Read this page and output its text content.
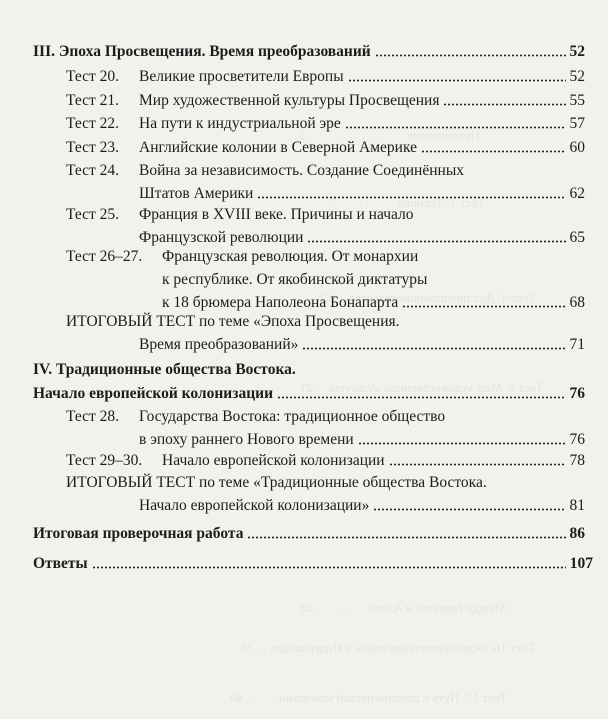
Предисловие . . . . . . . . . . . . . . . 3
Тест 1. Техника . . . . . . . . . 7
Тест 4. Дух предпринимательства . . 12
Тест 8. Мир художественной культуры . . 21
Между Европой и Азией . . . . . . . . 28
Тест 16. Освободительная война в Нидерландах . . 36
Тест 17. Путь к парламентской монархии . . . . . 40
III. Эпоха Просвещения. Время преобразований	52
Тест 20.	Великие просветители Европы	52
Тест 21.	Мир художественной культуры Просвещения	55
Тест 22.	На пути к индустриальной эре	57
Тест 23.	Английские колонии в Северной Америке	60
Тест 24. Война за независимость. Создание Соединённых
Штатов Америки	62
Тест 25. Франция в XVIII веке. Причины и начало
Французской революции	65
Тест 26–27. Французская революция. От монархии
к республике. От якобинской диктатуры
к 18 брюмера Наполеона Бонапарта	68
ИТОГОВЫЙ ТЕСТ по теме «Эпоха Просвещения.
Время преобразований»	71
IV. Традиционные общества Востока.
Начало европейской колонизации	76
Тест 28. Государства Востока: традиционное общество
в эпоху раннего Нового времени	76
Тест 29–30.	Начало европейской колонизации	78
ИТОГОВЫЙ ТЕСТ по теме «Традиционные общества Востока.
Начало европейской колонизации»	81
Итоговая проверочная работа	86
Ответы	107
